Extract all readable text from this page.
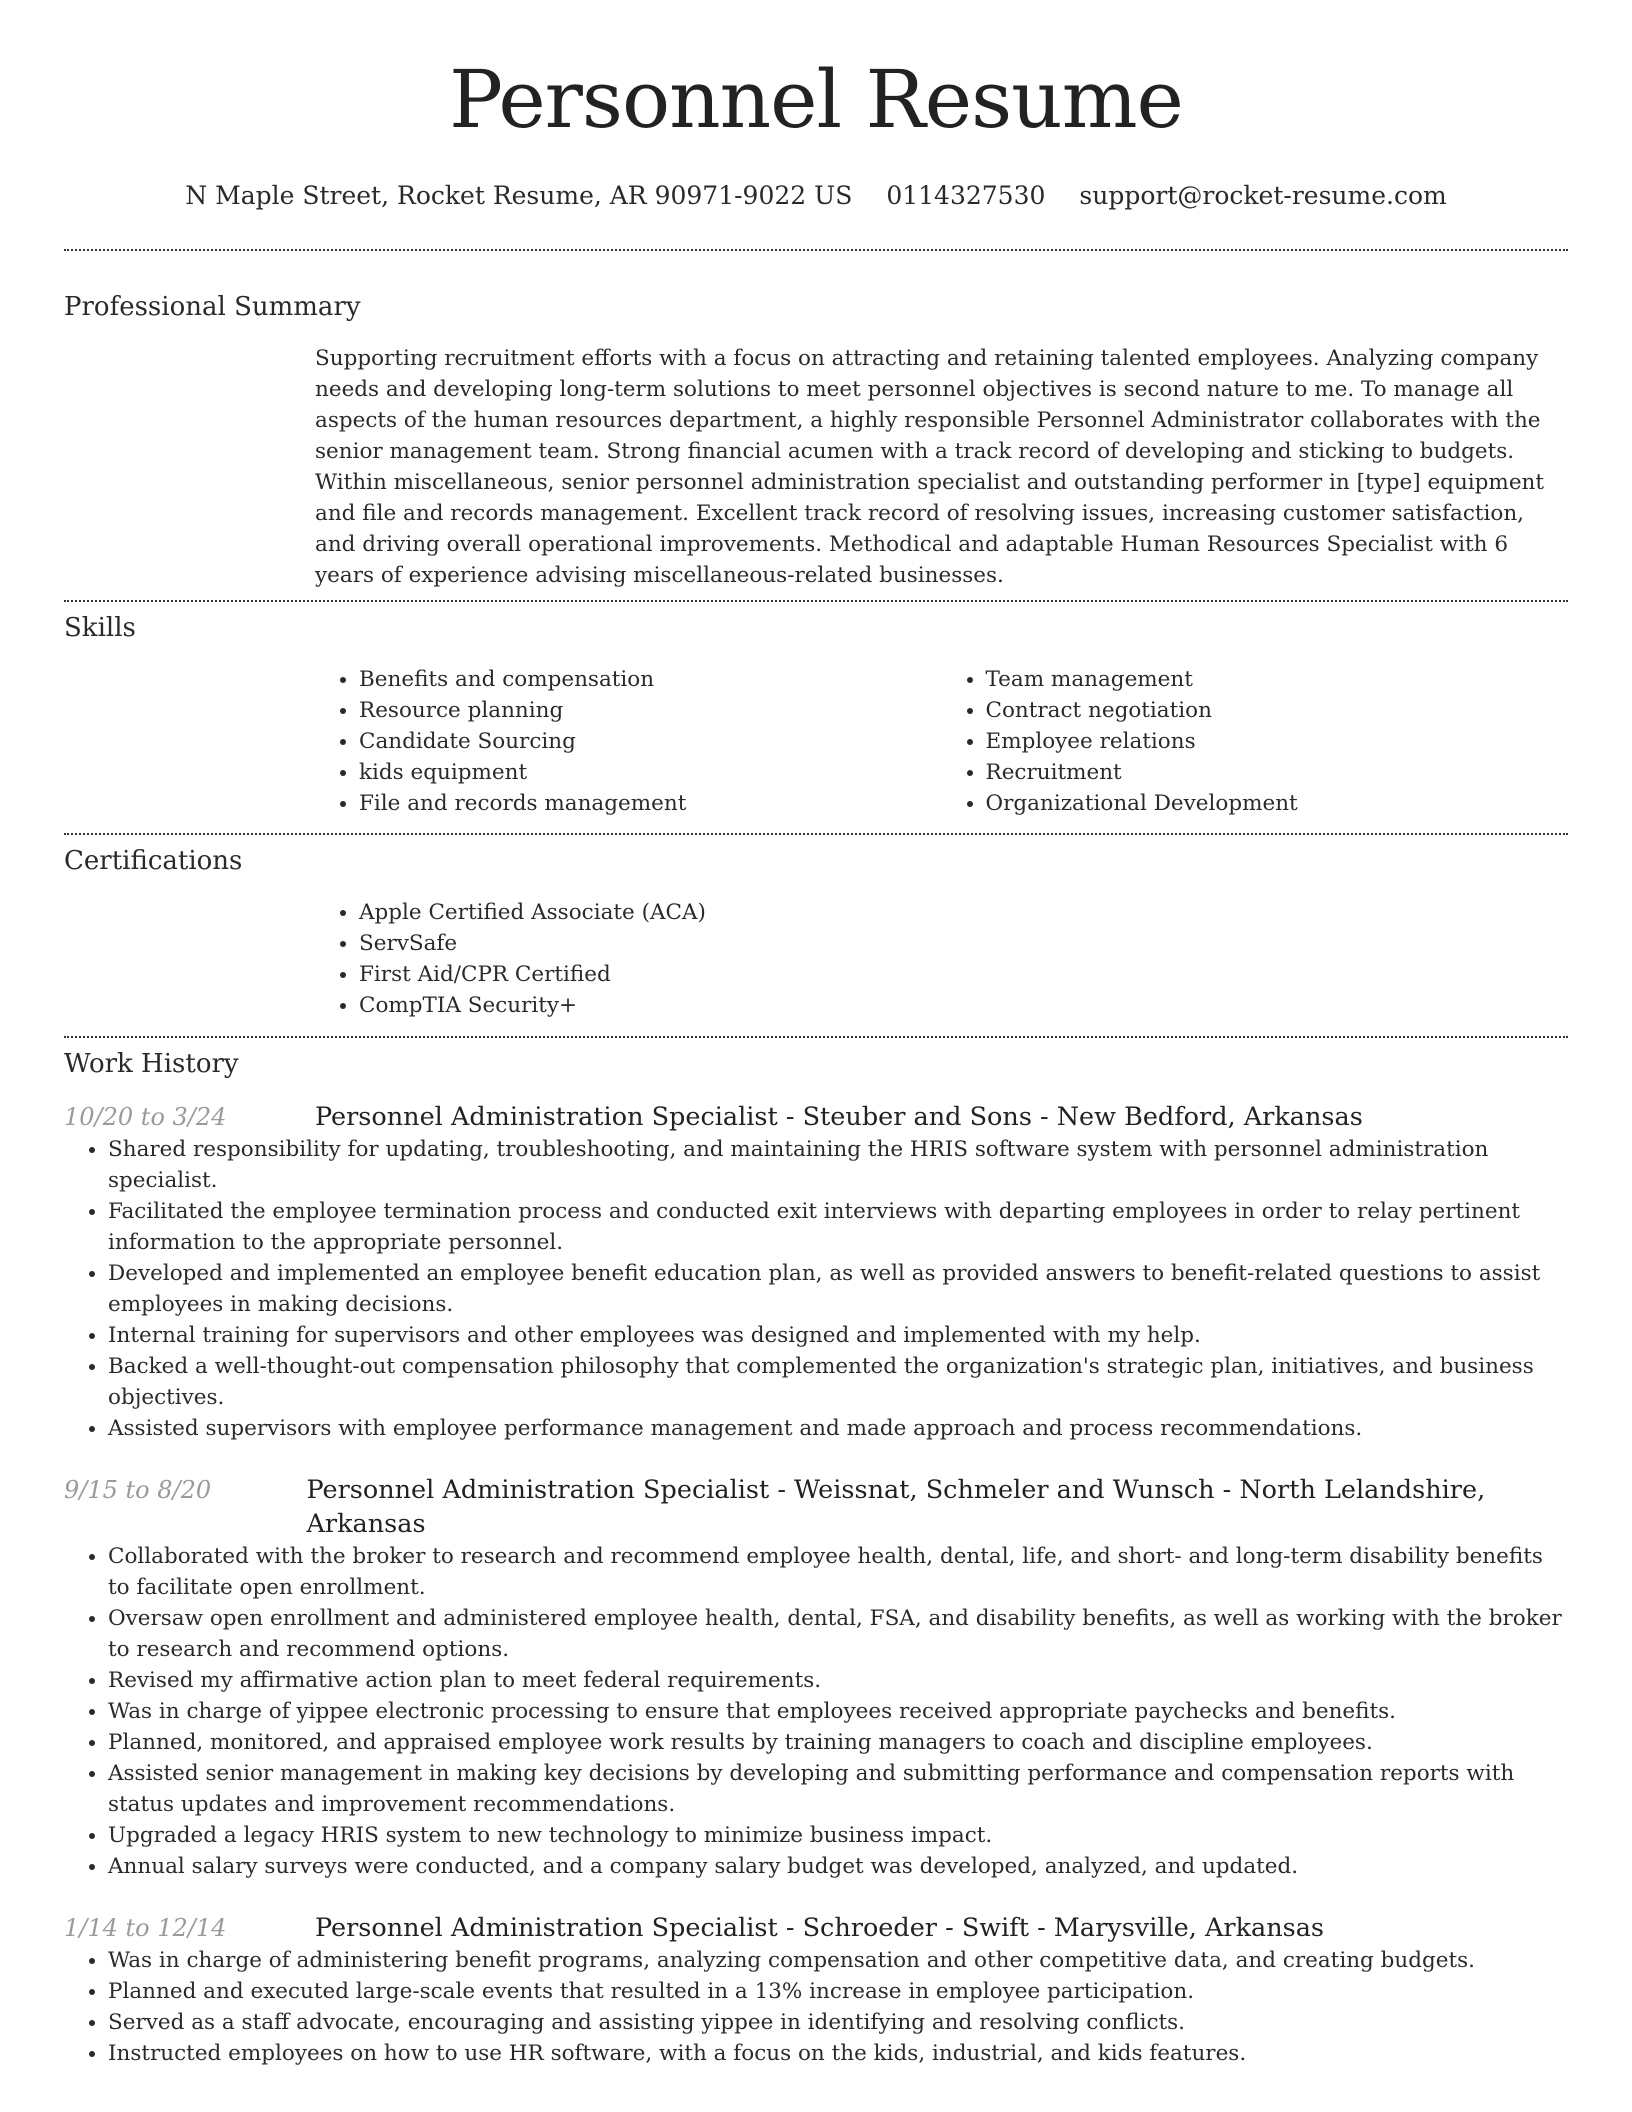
Personnel Resume
N Maple Street, Rocket Resume, AR 90971-9022 US 0114327530 support@rocket-resume.com
Professional Summary

Supporting recruitment efforts with a focus on attracting and retaining talented employees. Analyzing company needs and developing long-term solutions to meet personnel objectives is second nature to me. To manage all aspects of the human resources department, a highly responsible Personnel Administrator collaborates with the senior management team. Strong financial acumen with a track record of developing and sticking to budgets. Within miscellaneous, senior personnel administration specialist and outstanding performer in [type] equipment and file and records management. Excellent track record of resolving issues, increasing customer satisfaction, and driving overall operational improvements. Methodical and adaptable Human Resources Specialist with 6 years of experience advising miscellaneous-related businesses.

Skills
• Benefits and compensation
• Resource planning
• Candidate Sourcing
• kids equipment
• File and records management
• Team management
• Contract negotiation
• Employee relations
• Recruitment
• Organizational Development
Certifications
• Apple Certified Associate (ACA)
• ServSafe
• First Aid/CPR Certified
• CompTIA Security+
Work History
10/20 to 3/24	Personnel Administration Specialist - Steuber and Sons - New Bedford, Arkansas
• Shared responsibility for updating, troubleshooting, and maintaining the HRIS software system with personnel administration specialist.
• Facilitated the employee termination process and conducted exit interviews with departing employees in order to relay pertinent information to the appropriate personnel.
• Developed and implemented an employee benefit education plan, as well as provided answers to benefit-related questions to assist employees in making decisions.
• Internal training for supervisors and other employees was designed and implemented with my help.
• Backed a well-thought-out compensation philosophy that complemented the organization's strategic plan, initiatives, and business objectives.
• Assisted supervisors with employee performance management and made approach and process recommendations.
9/15 to 8/20	Personnel Administration Specialist - Weissnat, Schmeler and Wunsch - North Lelandshire, Arkansas
• Collaborated with the broker to research and recommend employee health, dental, life, and short- and long-term disability benefits to facilitate open enrollment.
• Oversaw open enrollment and administered employee health, dental, FSA, and disability benefits, as well as working with the broker to research and recommend options.
• Revised my affirmative action plan to meet federal requirements.
• Was in charge of yippee electronic processing to ensure that employees received appropriate paychecks and benefits.
• Planned, monitored, and appraised employee work results by training managers to coach and discipline employees.
• Assisted senior management in making key decisions by developing and submitting performance and compensation reports with status updates and improvement recommendations.
• Upgraded a legacy HRIS system to new technology to minimize business impact.
• Annual salary surveys were conducted, and a company salary budget was developed, analyzed, and updated.
1/14 to 12/14	Personnel Administration Specialist - Schroeder - Swift - Marysville, Arkansas
• Was in charge of administering benefit programs, analyzing compensation and other competitive data, and creating budgets.
• Planned and executed large-scale events that resulted in a 13% increase in employee participation.
• Served as a staff advocate, encouraging and assisting yippee in identifying and resolving conflicts.
• Instructed employees on how to use HR software, with a focus on the kids, industrial, and kids features.
